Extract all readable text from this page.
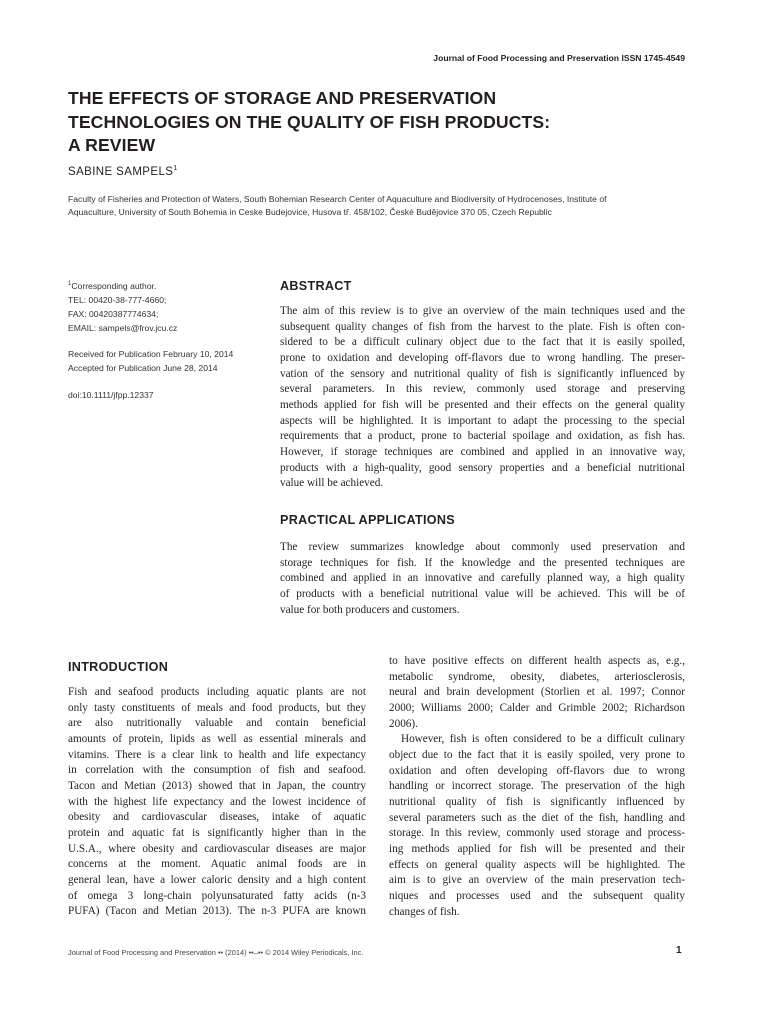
Journal of Food Processing and Preservation ISSN 1745-4549
THE EFFECTS OF STORAGE AND PRESERVATION
TECHNOLOGIES ON THE QUALITY OF FISH PRODUCTS:
A REVIEW
SABINE SAMPELS$^1$
Faculty of Fisheries and Protection of Waters, South Bohemian Research Center of Aquaculture and Biodiversity of Hydrocenoses, Institute of
Aquaculture, University of South Bohemia in Ceske Budejovice, Husova tř. 458/102, České Budějovice 370 05, Czech Republic
$^1$Corresponding author.
TEL: 00420-38-777-4660;
FAX: 00420387774634;
EMAIL: sampels@frov.jcu.cz
Received for Publication February 10, 2014
Accepted for Publication June 28, 2014
doi:10.1111/jfpp.12337
ABSTRACT
The aim of this review is to give an overview of the main techniques used and the
subsequent quality changes of fish from the harvest to the plate. Fish is often con-
sidered to be a difficult culinary object due to the fact that it is easily spoiled,
prone to oxidation and developing off-flavors due to wrong handling. The preser-
vation of the sensory and nutritional quality of fish is significantly influenced by
several parameters. In this review, commonly used storage and preserving
methods applied for fish will be presented and their effects on the general quality
aspects will be highlighted. It is important to adapt the processing to the special
requirements that a product, prone to bacterial spoilage and oxidation, as fish has.
However, if storage techniques are combined and applied in an innovative way,
products with a high-quality, good sensory properties and a beneficial nutritional
value will be achieved.
PRACTICAL APPLICATIONS
The review summarizes knowledge about commonly used preservation and
storage techniques for fish. If the knowledge and the presented techniques are
combined and applied in an innovative and carefully planned way, a high quality
of products with a beneficial nutritional value will be achieved. This will be of
value for both producers and customers.
INTRODUCTION
Fish and seafood products including aquatic plants are not
only tasty constituents of meals and food products, but they
are also nutritionally valuable and contain beneficial
amounts of protein, lipids as well as essential minerals and
vitamins. There is a clear link to health and life expectancy
in correlation with the consumption of fish and seafood.
Tacon and Metian (2013) showed that in Japan, the country
with the highest life expectancy and the lowest incidence of
obesity and cardiovascular diseases, intake of aquatic
protein and aquatic fat is significantly higher than in the
U.S.A., where obesity and cardiovascular diseases are major
concerns at the moment. Aquatic animal foods are in
general lean, have a lower caloric density and a high content
of omega 3 long-chain polyunsaturated fatty acids (n-3
PUFA) (Tacon and Metian 2013). The n-3 PUFA are known
to have positive effects on different health aspects as, e.g.,
metabolic syndrome, obesity, diabetes, arteriosclerosis,
neural and brain development (Storlien et al. 1997; Connor
2000; Williams 2000; Calder and Grimble 2002; Richardson
2006).
However, fish is often considered to be a difficult culinary
object due to the fact that it is easily spoiled, very prone to
oxidation and often developing off-flavors due to wrong
handling or incorrect storage. The preservation of the high
nutritional quality of fish is significantly influenced by
several parameters such as the diet of the fish, handling and
storage. In this review, commonly used storage and process-
ing methods applied for fish will be presented and their
effects on general quality aspects will be highlighted. The
aim is to give an overview of the main preservation tech-
niques and processes used and the subsequent quality
changes of fish.
Journal of Food Processing and Preservation •• (2014) ••–•• © 2014 Wiley Periodicals, Inc.	1
